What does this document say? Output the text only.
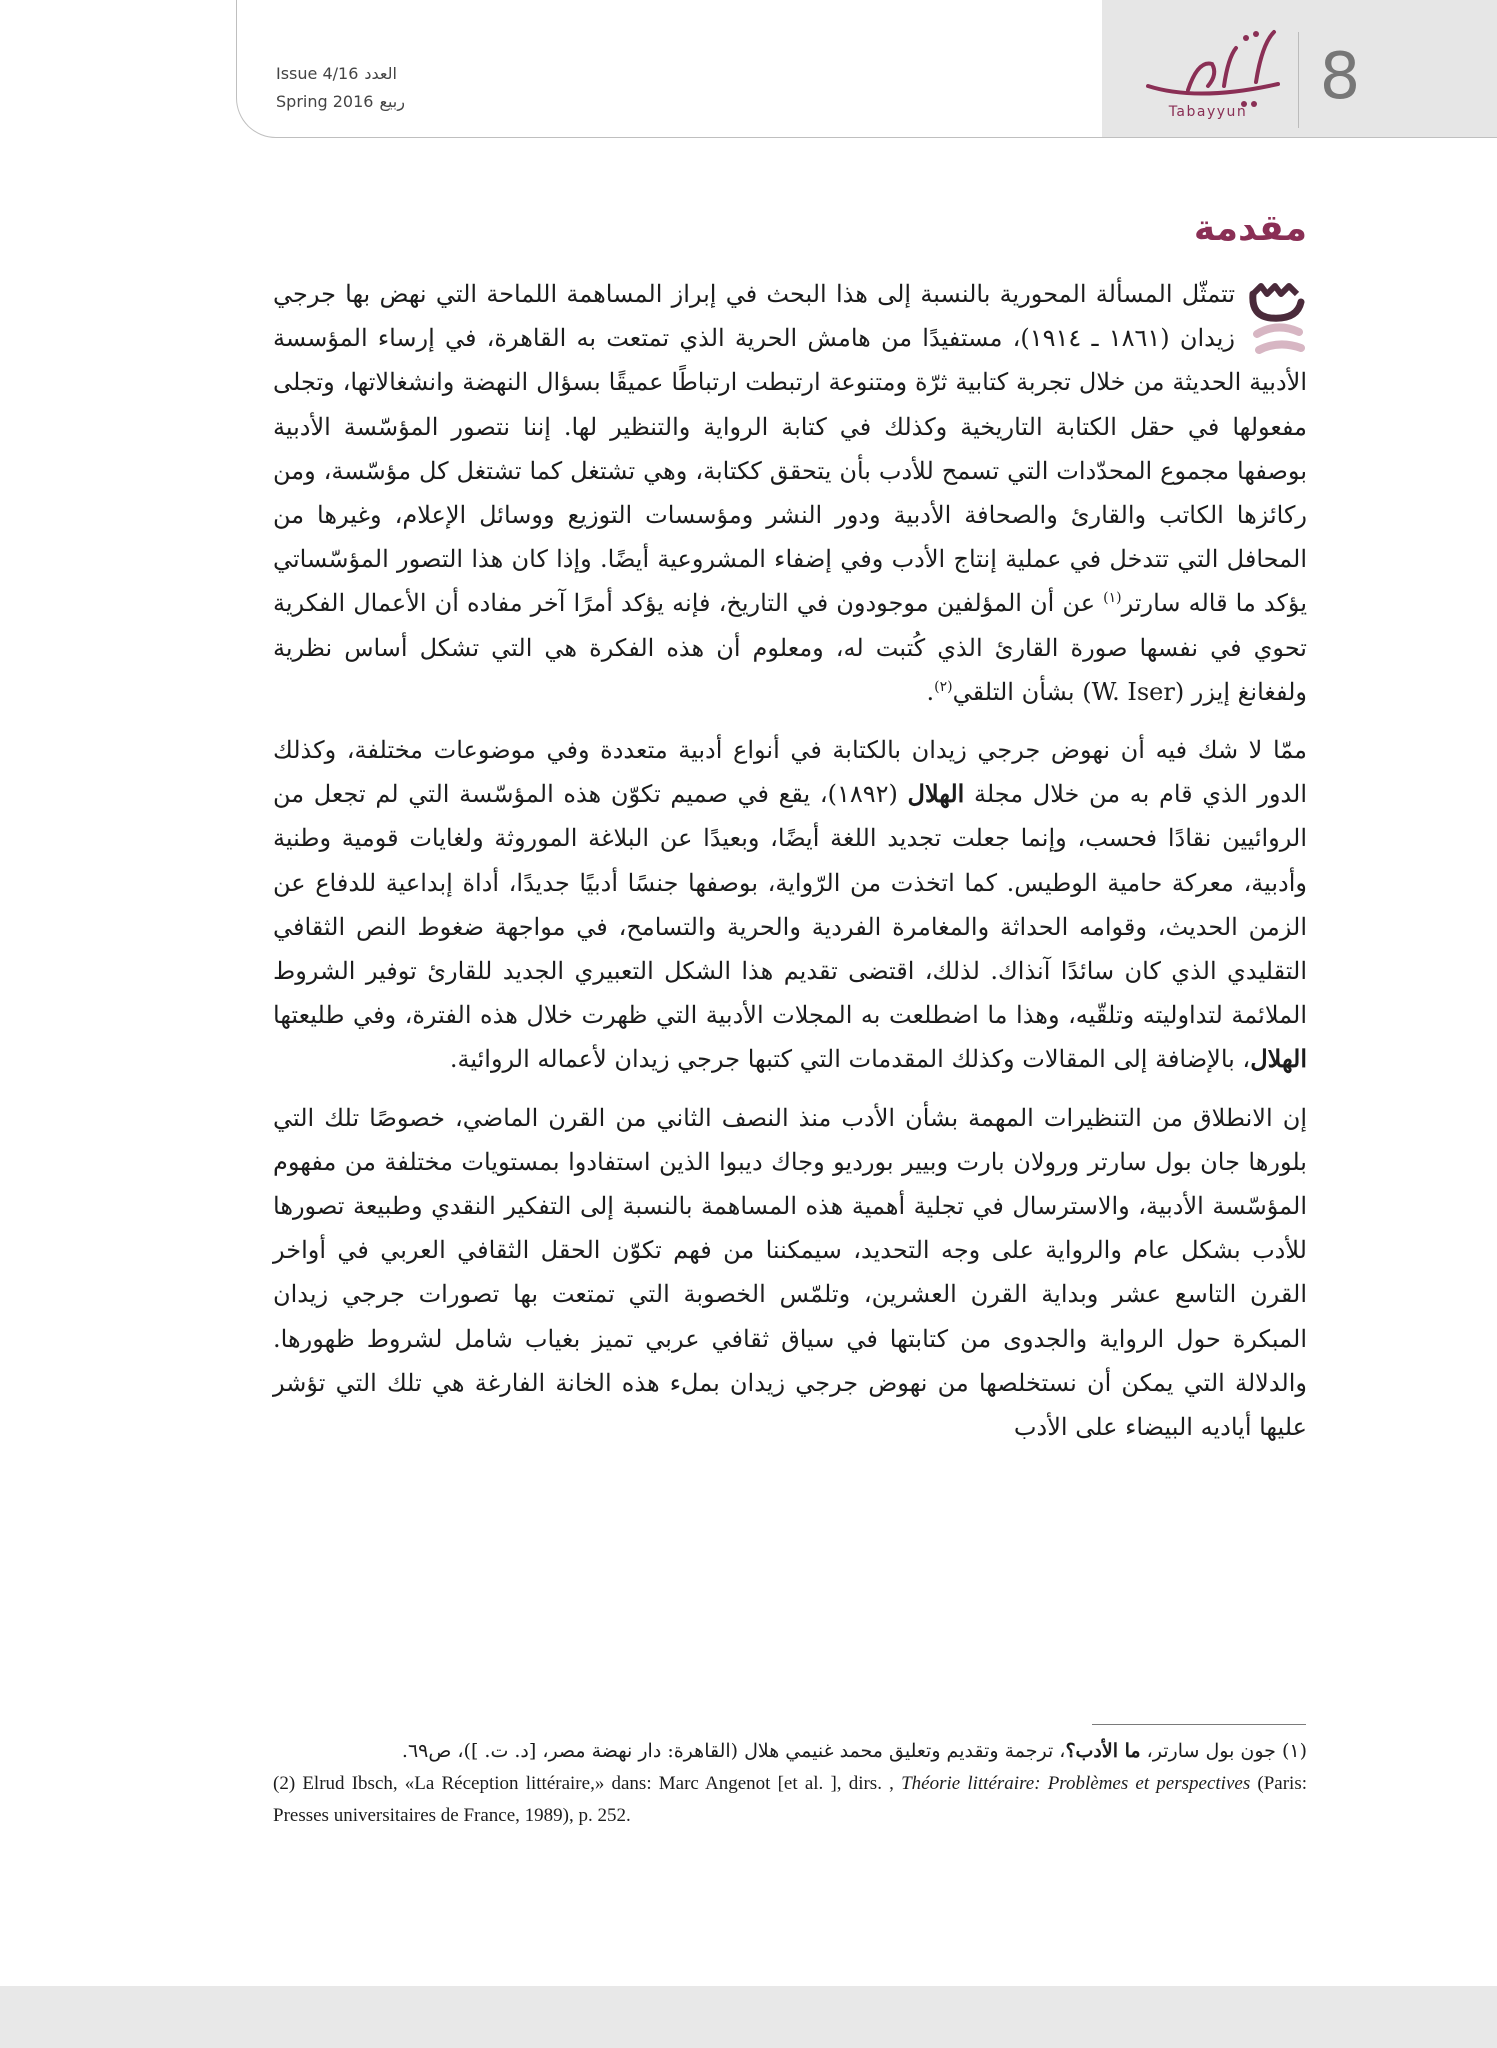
Issue 4/16 العدد
Spring 2016 ربيع
Tabayyun	8
مقدمة

تتمثّل المسألة المحورية بالنسبة إلى هذا البحث في إبراز المساهمة اللماحة التي نهض بها جرجي زيدان (١٨٦١ ـ ١٩١٤)، مستفيدًا من هامش الحرية الذي تمتعت به القاهرة، في إرساء المؤسسة الأدبية الحديثة من خلال تجربة كتابية ثرّة ومتنوعة ارتبطت ارتباطًا عميقًا بسؤال النهضة وانشغالاتها، وتجلى مفعولها في حقل الكتابة التاريخية وكذلك في كتابة الرواية والتنظير لها. إننا نتصور المؤسّسة الأدبية بوصفها مجموع المحدّدات التي تسمح للأدب بأن يتحقق ككتابة، وهي تشتغل كما تشتغل كل مؤسّسة، ومن ركائزها الكاتب والقارئ والصحافة الأدبية ودور النشر ومؤسسات التوزيع ووسائل الإعلام، وغيرها من المحافل التي تتدخل في عملية إنتاج الأدب وفي إضفاء المشروعية أيضًا. وإذا كان هذا التصور المؤسّساتي يؤكد ما قاله سارتر$^{(١)}$ عن أن المؤلفين موجودون في التاريخ، فإنه يؤكد أمرًا آخر مفاده أن الأعمال الفكرية تحوي في نفسها صورة القارئ الذي كُتبت له، ومعلوم أن هذه الفكرة هي التي تشكل أساس نظرية ولفغانغ إيزر (W. Iser) بشأن التلقي$^{(٢)}$.

ممّا لا شك فيه أن نهوض جرجي زيدان بالكتابة في أنواع أدبية متعددة وفي موضوعات مختلفة، وكذلك الدور الذي قام به من خلال مجلة الهلال (١٨٩٢)، يقع في صميم تكوّن هذه المؤسّسة التي لم تجعل من الروائيين نقادًا فحسب، وإنما جعلت تجديد اللغة أيضًا، وبعيدًا عن البلاغة الموروثة ولغايات قومية وطنية وأدبية، معركة حامية الوطيس. كما اتخذت من الرّواية، بوصفها جنسًا أدبيًا جديدًا، أداة إبداعية للدفاع عن الزمن الحديث، وقوامه الحداثة والمغامرة الفردية والحرية والتسامح، في مواجهة ضغوط النص الثقافي التقليدي الذي كان سائدًا آنذاك. لذلك، اقتضى تقديم هذا الشكل التعبيري الجديد للقارئ توفير الشروط الملائمة لتداوليته وتلقّيه، وهذا ما اضطلعت به المجلات الأدبية التي ظهرت خلال هذه الفترة، وفي طليعتها الهلال، بالإضافة إلى المقالات وكذلك المقدمات التي كتبها جرجي زيدان لأعماله الروائية.

إن الانطلاق من التنظيرات المهمة بشأن الأدب منذ النصف الثاني من القرن الماضي، خصوصًا تلك التي بلورها جان بول سارتر ورولان بارت وبيير بورديو وجاك ديبوا الذين استفادوا بمستويات مختلفة من مفهوم المؤسّسة الأدبية، والاسترسال في تجلية أهمية هذه المساهمة بالنسبة إلى التفكير النقدي وطبيعة تصورها للأدب بشكل عام والرواية على وجه التحديد، سيمكننا من فهم تكوّن الحقل الثقافي العربي في أواخر القرن التاسع عشر وبداية القرن العشرين، وتلمّس الخصوبة التي تمتعت بها تصورات جرجي زيدان المبكرة حول الرواية والجدوى من كتابتها في سياق ثقافي عربي تميز بغياب شامل لشروط ظهورها. والدلالة التي يمكن أن نستخلصها من نهوض جرجي زيدان بملء هذه الخانة الفارغة هي تلك التي تؤشر عليها أياديه البيضاء على الأدب

(١) جون بول سارتر، ما الأدب؟، ترجمة وتقديم وتعليق محمد غنيمي هلال (القاهرة: دار نهضة مصر، [د. ت. ])، ص٦٩.
(2) Elrud Ibsch, «La Réception littéraire,» dans: Marc Angenot [et al. ], dirs. , Théorie littéraire: Problèmes et perspectives (Paris: Presses universitaires de France, 1989), p. 252.
